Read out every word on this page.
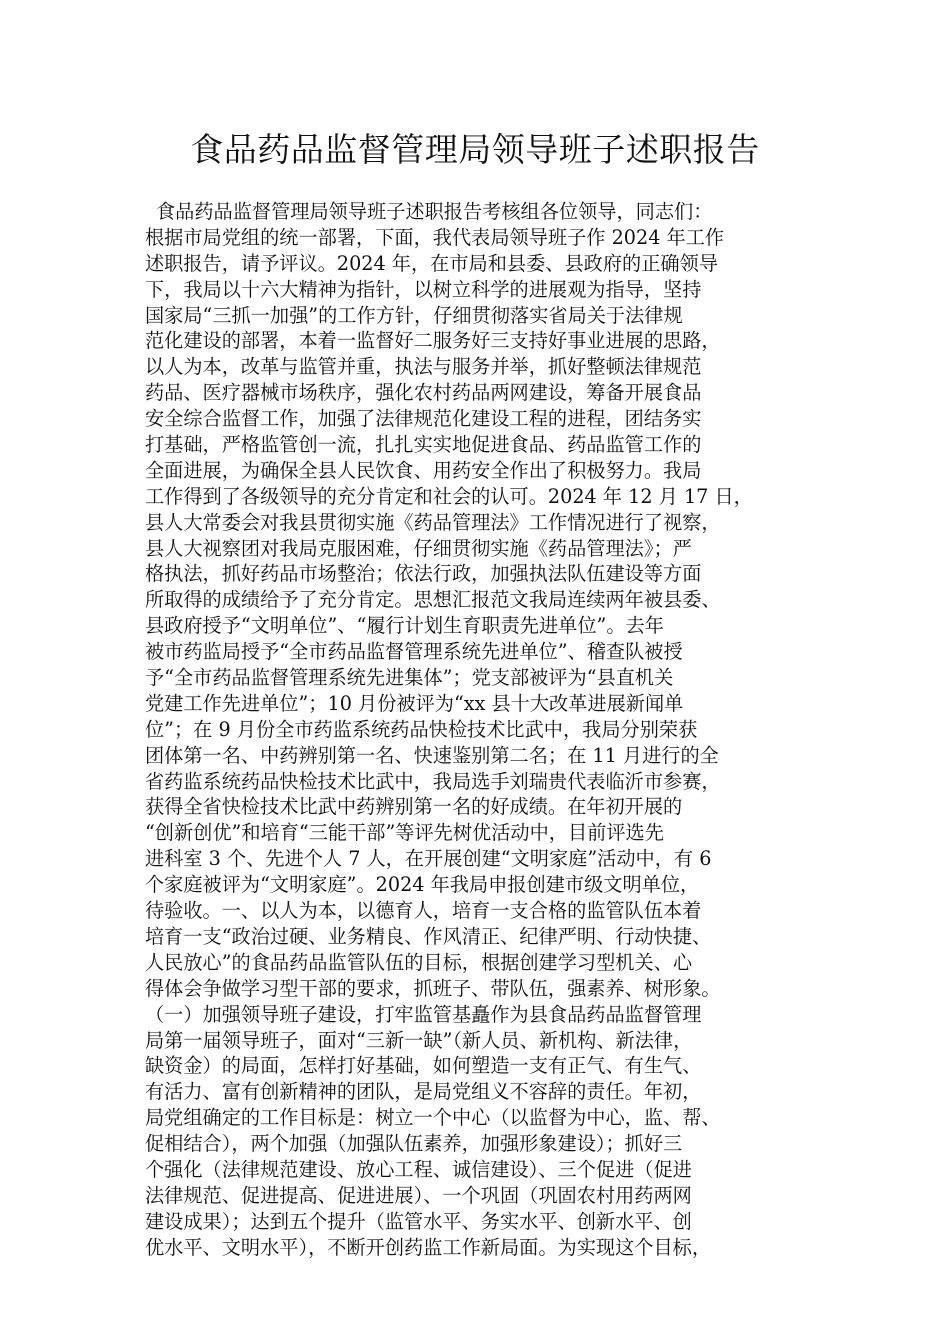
食品药品监督管理局领导班子述职报告
食品药品监督管理局领导班子述职报告考核组各位领导，同志们：
根据市局党组的统一部署，下面，我代表局领导班子作 2024 年工作
述职报告，请予评议。2024 年，在市局和县委、县政府的正确领导
下，我局以十六大精神为指针，以树立科学的进展观为指导，坚持
国家局“三抓一加强”的工作方针，仔细贯彻落实省局关于法律规
范化建设的部署，本着一监督好二服务好三支持好事业进展的思路，
以人为本，改革与监管并重，执法与服务并举，抓好整顿法律规范
药品、医疗器械市场秩序，强化农村药品两网建设，筹备开展食品
安全综合监督工作，加强了法律规范化建设工程的进程，团结务实
打基础，严格监管创一流，扎扎实实地促进食品、药品监管工作的
全面进展，为确保全县人民饮食、用药安全作出了积极努力。我局
工作得到了各级领导的充分肯定和社会的认可。2024 年 12 月 17 日，
县人大常委会对我县贯彻实施《药品管理法》工作情况进行了视察，
县人大视察团对我局克服困难，仔细贯彻实施《药品管理法》；严
格执法，抓好药品市场整治；依法行政，加强执法队伍建设等方面
所取得的成绩给予了充分肯定。思想汇报范文我局连续两年被县委、
县政府授予“文明单位”、“履行计划生育职责先进单位”。去年
被市药监局授予“全市药品监督管理系统先进单位”、稽查队被授
予“全市药品监督管理系统先进集体”；党支部被评为“县直机关
党建工作先进单位”；10 月份被评为“xx 县十大改革进展新闻单
位”；在 9 月份全市药监系统药品快检技术比武中，我局分别荣获
团体第一名、中药辨别第一名、快速鉴别第二名；在 11 月进行的全
省药监系统药品快检技术比武中，我局选手刘瑞贵代表临沂市参赛，
获得全省快检技术比武中药辨别第一名的好成绩。在年初开展的
“创新创优”和培育“三能干部”等评先树优活动中，目前评选先
进科室 3 个、先进个人 7 人，在开展创建“文明家庭”活动中，有 6
个家庭被评为“文明家庭”。2024 年我局申报创建市级文明单位，
待验收。一、以人为本，以德育人，培育一支合格的监管队伍本着
培育一支“政治过硬、业务精良、作风清正、纪律严明、行动快捷、
人民放心”的食品药品监管队伍的目标，根据创建学习型机关、心
得体会争做学习型干部的要求，抓班子、带队伍，强素养、树形象。
（一）加强领导班子建设，打牢监管基矗作为县食品药品监督管理
局第一届领导班子，面对“三新一缺”（新人员、新机构、新法律，
缺资金）的局面，怎样打好基础，如何塑造一支有正气、有生气、
有活力、富有创新精神的团队，是局党组义不容辞的责任。年初，
局党组确定的工作目标是：树立一个中心（以监督为中心，监、帮、
促相结合），两个加强（加强队伍素养，加强形象建设）；抓好三
个强化（法律规范建设、放心工程、诚信建设）、三个促进（促进
法律规范、促进提高、促进进展）、一个巩固（巩固农村用药两网
建设成果）；达到五个提升（监管水平、务实水平、创新水平、创
优水平、文明水平），不断开创药监工作新局面。为实现这个目标，
